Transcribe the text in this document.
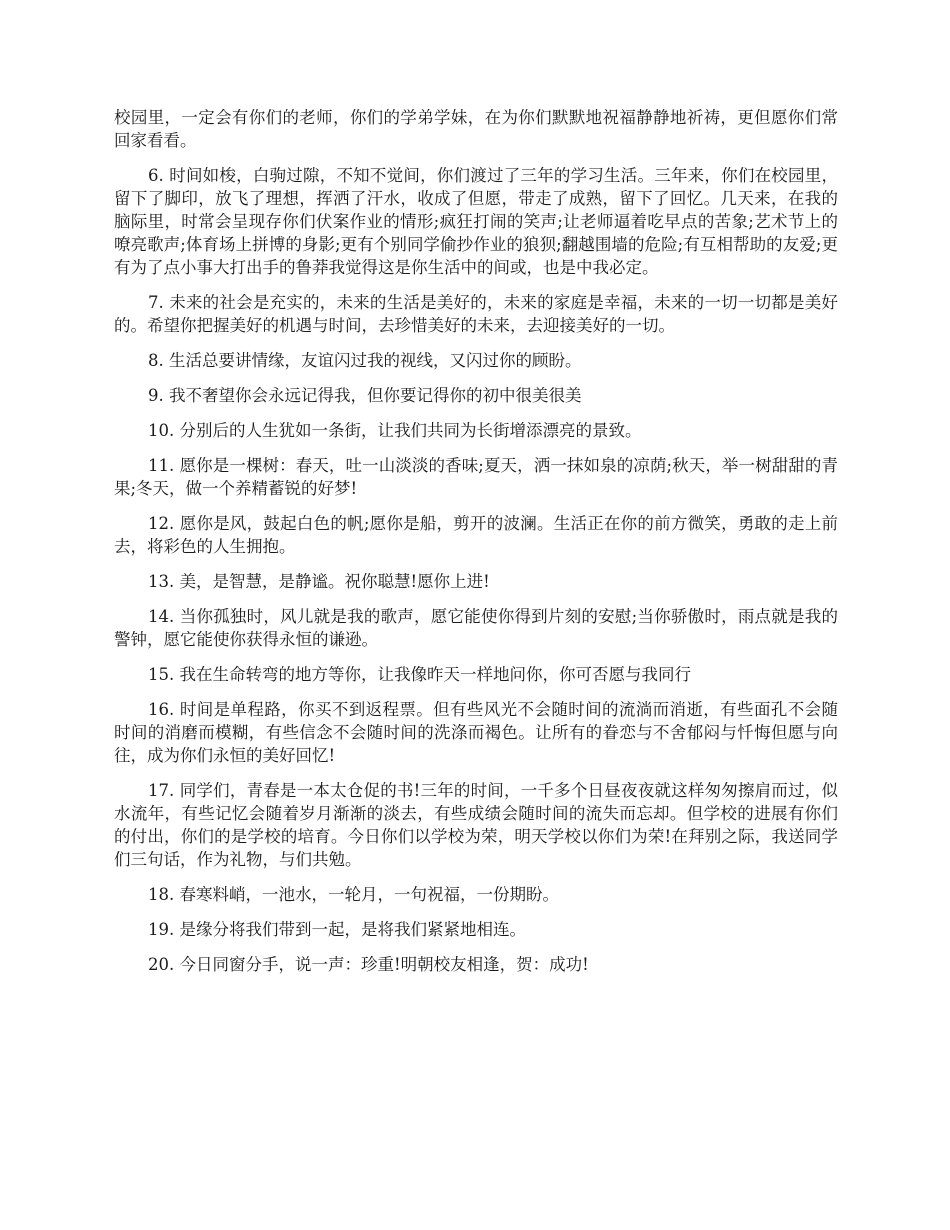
校园里，一定会有你们的老师，你们的学弟学妹，在为你们默默地祝福静静地祈祷，更但愿你们常回家看看。

6. 时间如梭，白驹过隙，不知不觉间，你们渡过了三年的学习生活。三年来，你们在校园里，留下了脚印，放飞了理想，挥洒了汗水，收成了但愿，带走了成熟，留下了回忆。几天来，在我的脑际里，时常会呈现存你们伏案作业的情形;疯狂打闹的笑声;让老师逼着吃早点的苦象;艺术节上的嘹亮歌声;体育场上拼博的身影;更有个别同学偷抄作业的狼狈;翻越围墙的危险;有互相帮助的友爱;更有为了点小事大打出手的鲁莽我觉得这是你生活中的间或，也是中我必定。

7. 未来的社会是充实的，未来的生活是美好的，未来的家庭是幸福，未来的一切一切都是美好的。希望你把握美好的机遇与时间，去珍惜美好的未来，去迎接美好的一切。

8. 生活总要讲情缘，友谊闪过我的视线，又闪过你的顾盼。

9. 我不奢望你会永远记得我，但你要记得你的初中很美很美

10. 分别后的人生犹如一条街，让我们共同为长街增添漂亮的景致。

11. 愿你是一棵树：春天，吐一山淡淡的香味;夏天，洒一抹如泉的凉荫;秋天，举一树甜甜的青果;冬天，做一个养精蓄锐的好梦!

12. 愿你是风，鼓起白色的帆;愿你是船，剪开的波澜。生活正在你的前方微笑，勇敢的走上前去，将彩色的人生拥抱。

13. 美，是智慧，是静谧。祝你聪慧!愿你上进!

14. 当你孤独时，风儿就是我的歌声，愿它能使你得到片刻的安慰;当你骄傲时，雨点就是我的警钟，愿它能使你获得永恒的谦逊。

15. 我在生命转弯的地方等你，让我像昨天一样地问你，你可否愿与我同行

16. 时间是单程路，你买不到返程票。但有些风光不会随时间的流淌而消逝，有些面孔不会随时间的消磨而模糊，有些信念不会随时间的洗涤而褐色。让所有的眷恋与不舍郁闷与忏悔但愿与向往，成为你们永恒的美好回忆!

17. 同学们，青春是一本太仓促的书!三年的时间，一千多个日昼夜夜就这样匆匆擦肩而过，似水流年，有些记忆会随着岁月渐渐的淡去，有些成绩会随时间的流失而忘却。但学校的进展有你们的付出，你们的是学校的培育。今日你们以学校为荣，明天学校以你们为荣!在拜别之际，我送同学们三句话，作为礼物，与们共勉。

18. 春寒料峭，一池水，一轮月，一句祝福，一份期盼。

19. 是缘分将我们带到一起，是将我们紧紧地相连。

20. 今日同窗分手，说一声：珍重!明朝校友相逢，贺：成功!
